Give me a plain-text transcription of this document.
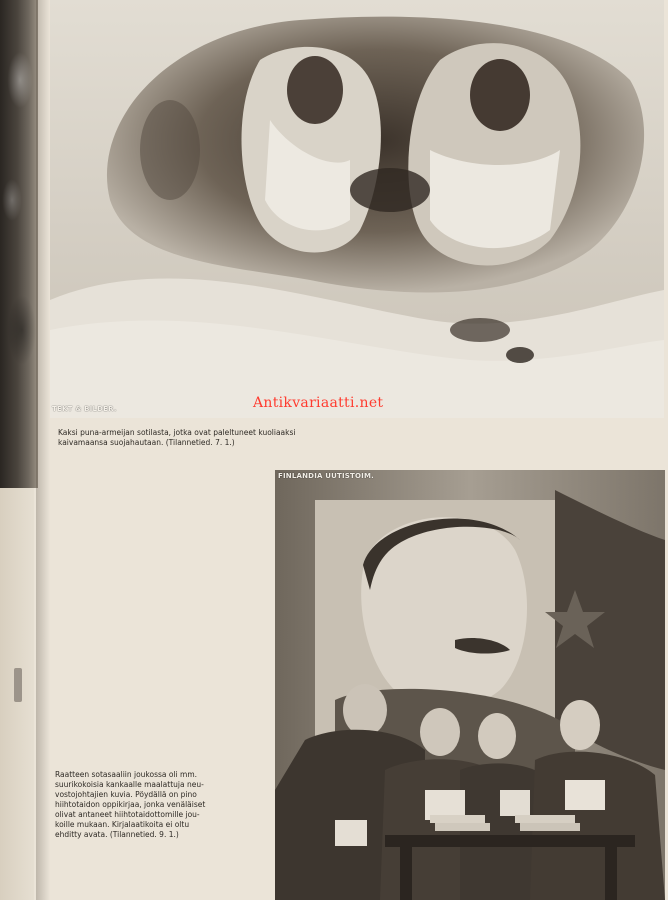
TEKT & BILDER.	Antikvariaatti.net
Kaksi puna-armeijan sotilasta, jotka ovat paleltuneet kuoliaaksi
kaivamaansa suojahautaan. (Tilannetied. 7. 1.)
FINLANDIA UUTISTOIM.
Raatteen sotasaaliin joukossa oli mm.
suurikokoisia kankaalle maalattuja neu-
vostojohtajien kuvia. Pöydällä on pino
hiihtotaidon oppikirjaa, jonka venäläiset
olivat antaneet hiihtotaidottomille jou-
koille mukaan. Kirjalaatikoita ei oltu
ehditty avata. (Tilannetied. 9. 1.)
